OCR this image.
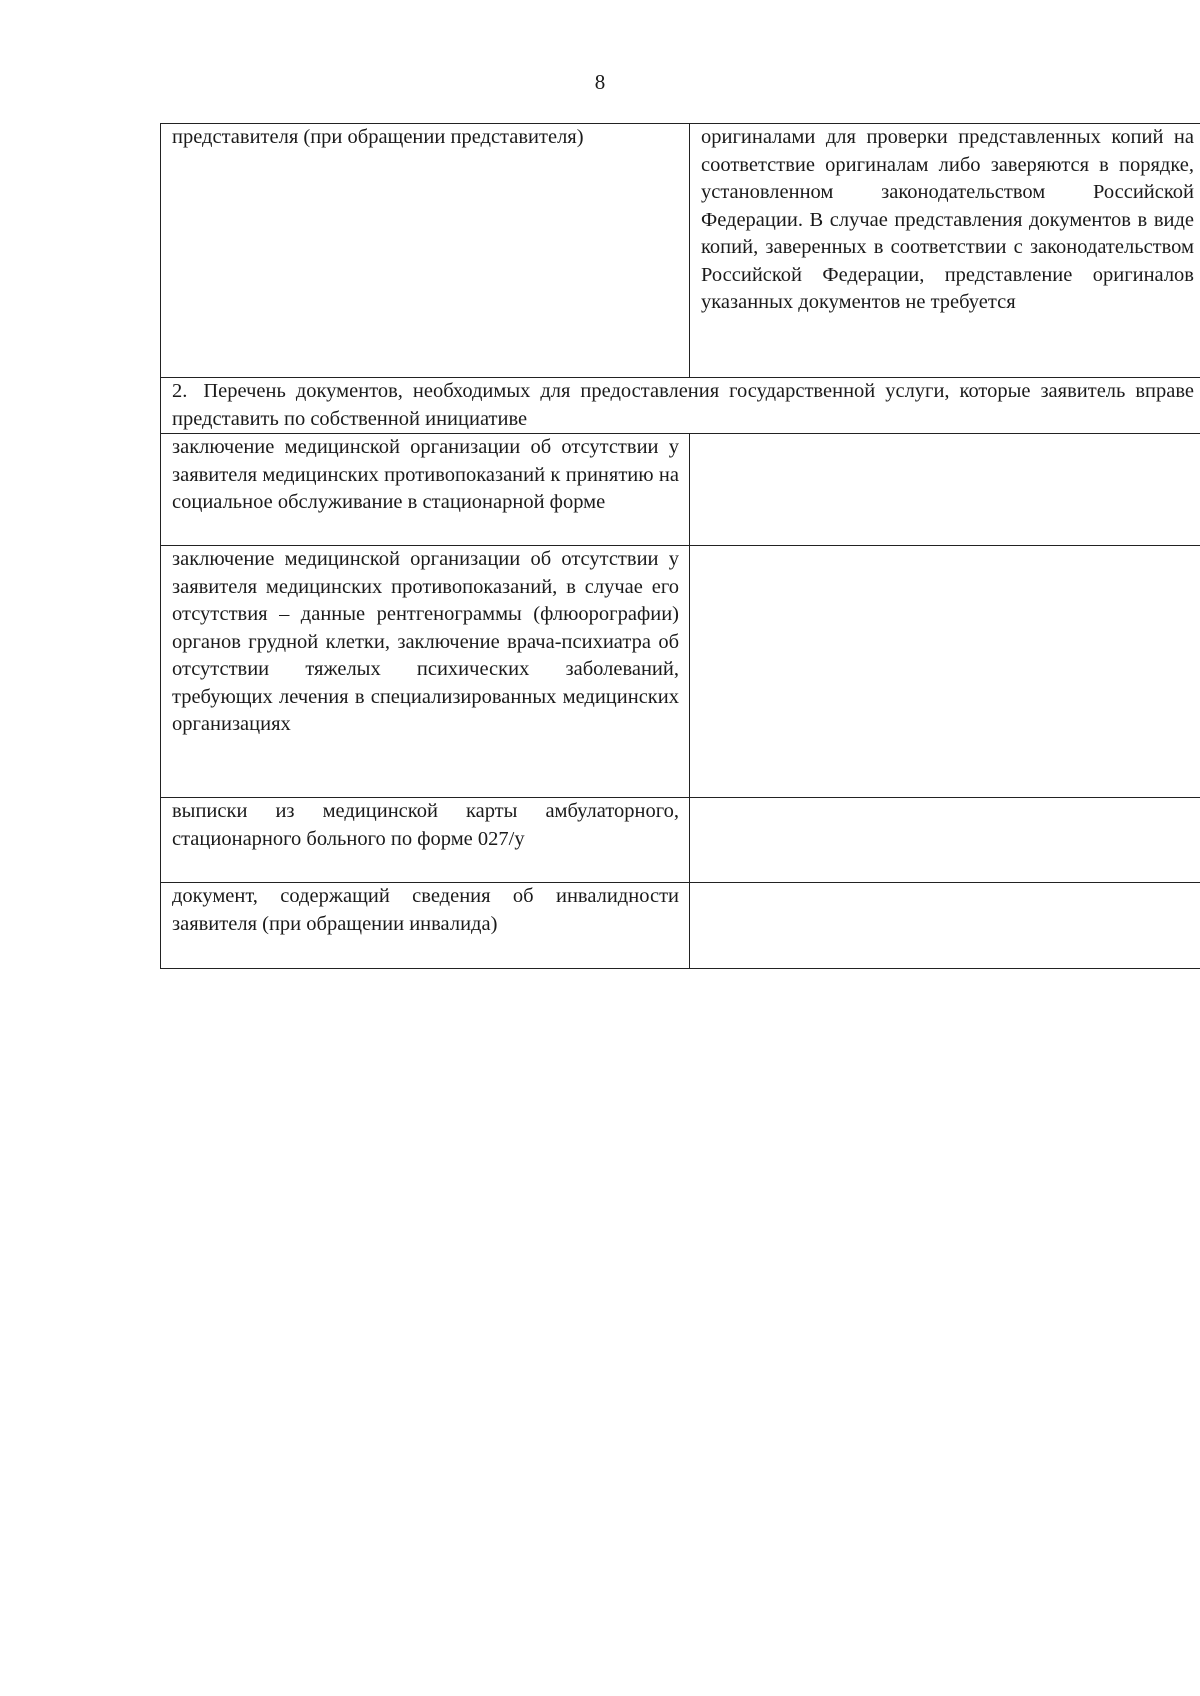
8
представителя (при обращении представителя)	оригиналами для проверки представленных копий на соответствие оригиналам либо заверяются в порядке, установленном законодательством Российской Федерации. В случае представления документов в виде копий, заверенных в соответствии с законодательством Российской Федерации, представление оригиналов указанных документов не требуется
2. Перечень документов, необходимых для предоставления государственной услуги, которые заявитель вправе представить по собственной инициативе	
заключение медицинской организации об отсутствии у заявителя медицинских противопоказаний к принятию на социальное обслуживание в стационарной форме	
заключение медицинской организации об отсутствии у заявителя медицинских противопоказаний, в случае его отсутствия – данные рентгенограммы (флюорографии) органов грудной клетки, заключение врача-психиатра об отсутствии тяжелых психических заболеваний, требующих лечения в специализированных медицинских организациях	
выписки из медицинской карты амбулаторного, стационарного больного по форме 027/у	
документ, содержащий сведения об инвалидности заявителя (при обращении инвалида)	
